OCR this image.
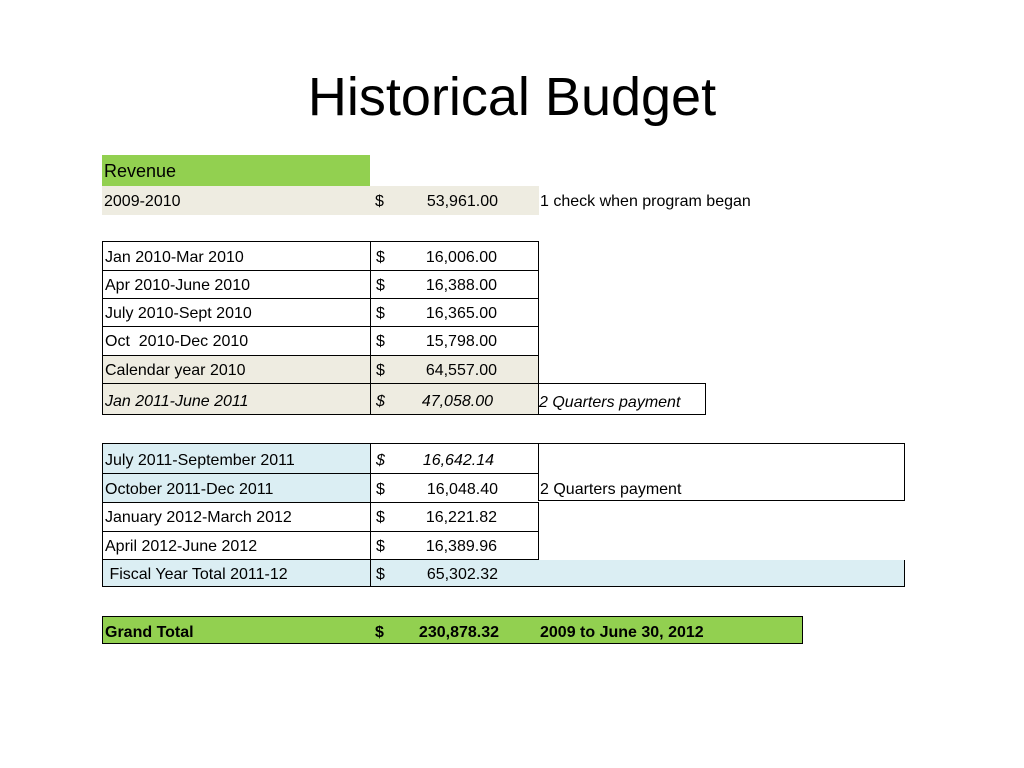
Historical Budget
Revenue
2009-2010	$	53,961.00	1 check when program began
Jan 2010-Mar 2010	$	16,006.00
Apr 2010-June 2010	$	16,388.00
July 2010-Sept 2010	$	16,365.00
Oct  2010-Dec 2010	$	15,798.00
Calendar year 2010	$	64,557.00
Jan 2011-June 2011	$	47,058.00	2 Quarters payment
July 2011-September 2011	$	16,642.14
October 2011-Dec 2011	$	16,048.40	2 Quarters payment
January 2012-March 2012	$	16,221.82
April 2012-June 2012	$	16,389.96
Fiscal Year Total 2011-12	$	65,302.32
Grand Total	$	230,878.32	2009 to June 30, 2012
